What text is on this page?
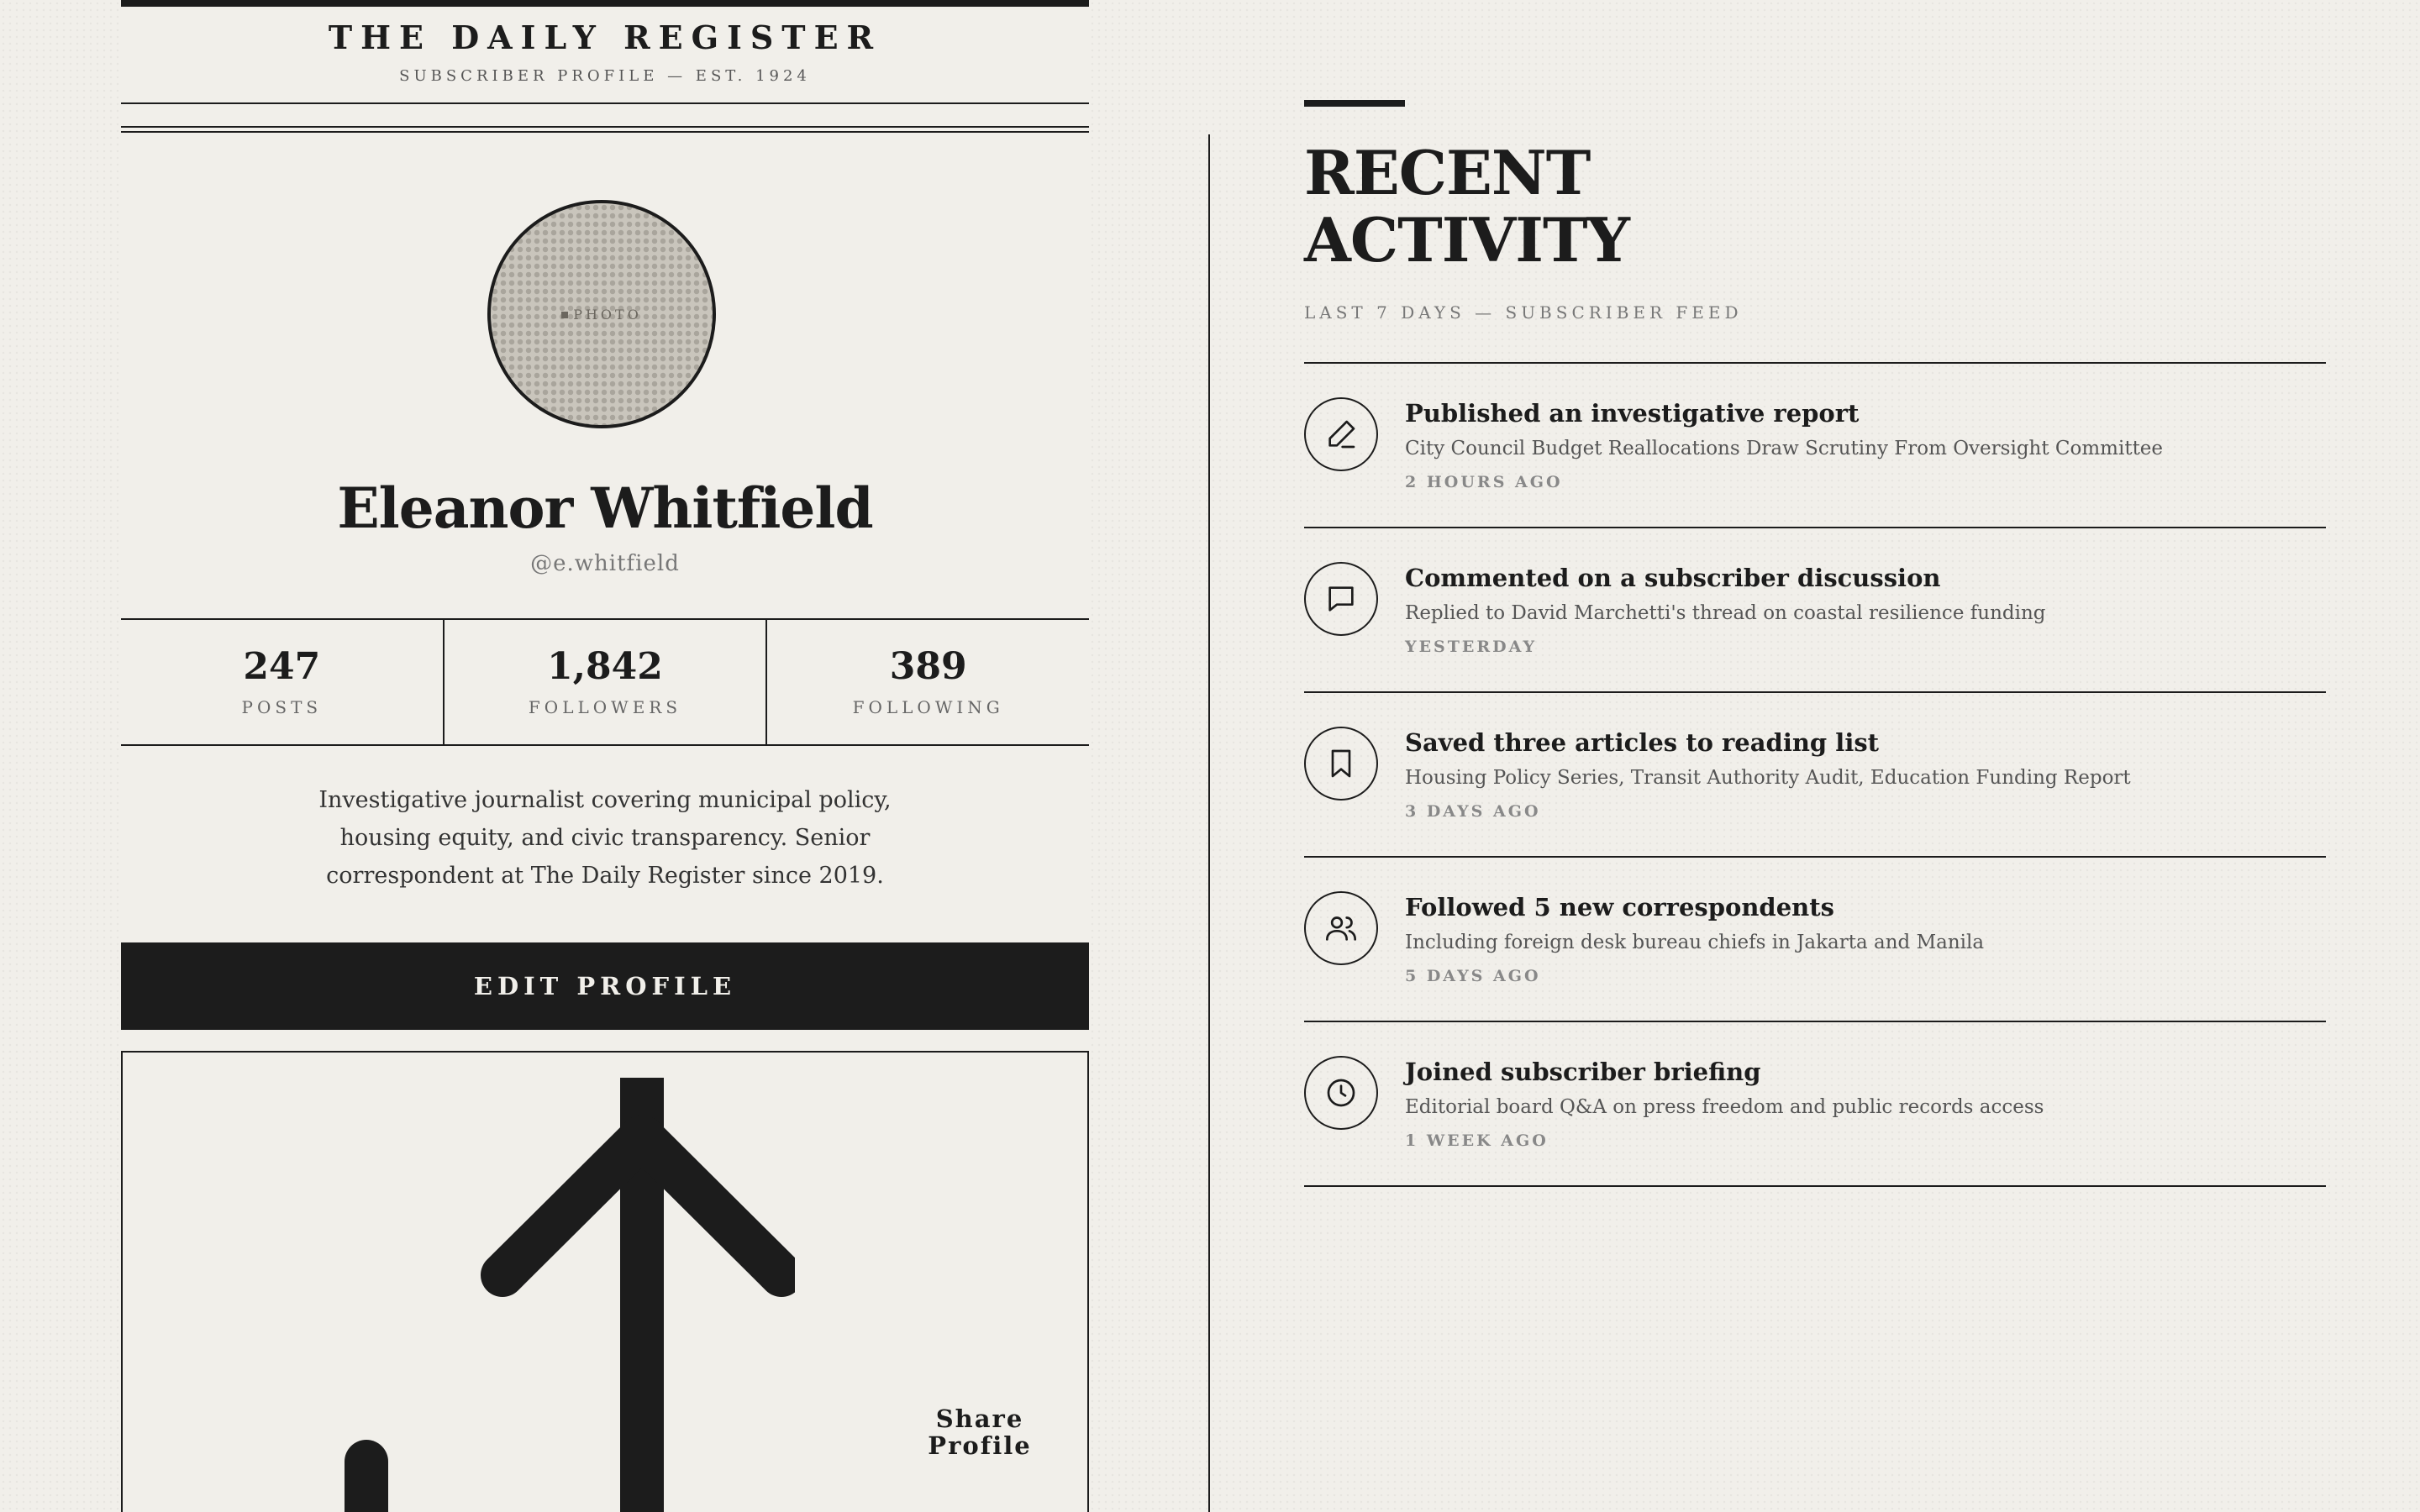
THE DAILY REGISTER
SUBSCRIBER PROFILE — EST. 1924
PHOTO
Eleanor Whitfield
@e.whitfield
247
POSTS
1,842
FOLLOWERS
389
FOLLOWING
Investigative journalist covering municipal policy, housing equity, and civic transparency. Senior correspondent at The Daily Register since 2019.
EDIT PROFILE
Share Profile
RECENT
ACTIVITY
LAST 7 DAYS — SUBSCRIBER FEED
Published an investigative report
City Council Budget Reallocations Draw Scrutiny From Oversight Committee
2 HOURS AGO
Commented on a subscriber discussion
Replied to David Marchetti's thread on coastal resilience funding
YESTERDAY
Saved three articles to reading list
Housing Policy Series, Transit Authority Audit, Education Funding Report
3 DAYS AGO
Followed 5 new correspondents
Including foreign desk bureau chiefs in Jakarta and Manila
5 DAYS AGO
Joined subscriber briefing
Editorial board Q&A on press freedom and public records access
1 WEEK AGO
